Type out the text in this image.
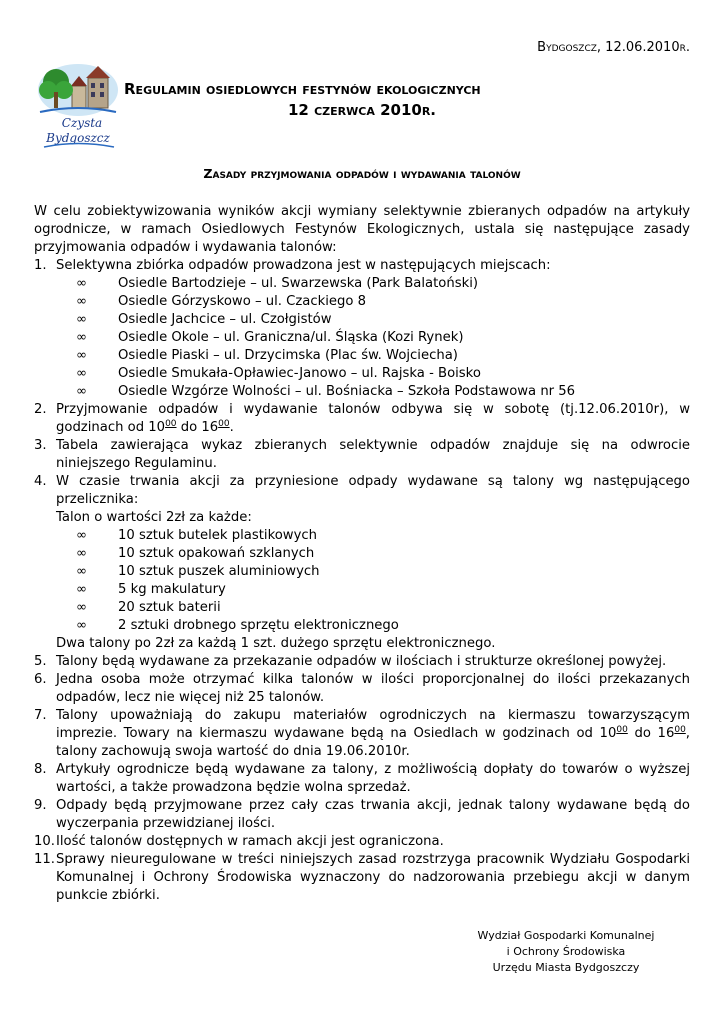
Bydgoszcz, 12.06.2010r.
Czysta
Bydgoszcz
Regulamin osiedlowych festynów ekologicznych
12 czerwca 2010r.
Zasady przyjmowania odpadów i wydawania talonów

W celu zobiektywizowania wyników akcji wymiany selektywnie zbieranych odpadów na artykuły ogrodnicze, w ramach Osiedlowych Festynów Ekologicznych, ustala się następujące zasady przyjmowania odpadów i wydawania talonów:

1. Selektywna zbiórka odpadów prowadzona jest w następujących miejscach:
∞ Osiedle Bartodzieje – ul. Swarzewska (Park Balatoński)
∞ Osiedle Górzyskowo – ul. Czackiego 8
∞ Osiedle Jachcice – ul. Czołgistów
∞ Osiedle Okole – ul. Graniczna/ul. Śląska (Kozi Rynek)
∞ Osiedle Piaski – ul. Drzycimska (Plac św. Wojciecha)
∞ Osiedle Smukała-Opławiec-Janowo – ul. Rajska - Boisko
∞ Osiedle Wzgórze Wolności – ul. Bośniacka – Szkoła Podstawowa nr 56
2. Przyjmowanie odpadów i wydawanie talonów odbywa się w sobotę (tj.12.06.2010r), w godzinach od $10^{00}$ do $16^{00}$.
3. Tabela zawierająca wykaz zbieranych selektywnie odpadów znajduje się na odwrocie niniejszego Regulaminu.
4. W czasie trwania akcji za przyniesione odpady wydawane są talony wg następującego przelicznika:
Talon o wartości 2zł za każde:
∞ 10 sztuk butelek plastikowych
∞ 10 sztuk opakowań szklanych
∞ 10 sztuk puszek aluminiowych
∞ 5 kg makulatury
∞ 20 sztuk baterii
∞ 2 sztuki drobnego sprzętu elektronicznego
Dwa talony po 2zł za każdą 1 szt. dużego sprzętu elektronicznego.
5. Talony będą wydawane za przekazanie odpadów w ilościach i strukturze określonej powyżej.
6. Jedna osoba może otrzymać kilka talonów w ilości proporcjonalnej do ilości przekazanych odpadów, lecz nie więcej niż 25 talonów.
7. Talony upoważniają do zakupu materiałów ogrodniczych na kiermaszu towarzyszącym imprezie. Towary na kiermaszu wydawane będą na Osiedlach w godzinach od $10^{00}$ do $16^{00}$, talony zachowują swoja wartość do dnia 19.06.2010r.
8. Artykuły ogrodnicze będą wydawane za talony, z możliwością dopłaty do towarów o wyższej wartości, a także prowadzona będzie wolna sprzedaż.
9. Odpady będą przyjmowane przez cały czas trwania akcji, jednak talony wydawane będą do wyczerpania przewidzianej ilości.
10. Ilość talonów dostępnych w ramach akcji jest ograniczona.
11. Sprawy nieuregulowane w treści niniejszych zasad rozstrzyga pracownik Wydziału Gospodarki Komunalnej i Ochrony Środowiska wyznaczony do nadzorowania przebiegu akcji w danym punkcie zbiórki.
Wydział Gospodarki Komunalnej
i Ochrony Środowiska
Urzędu Miasta Bydgoszczy
